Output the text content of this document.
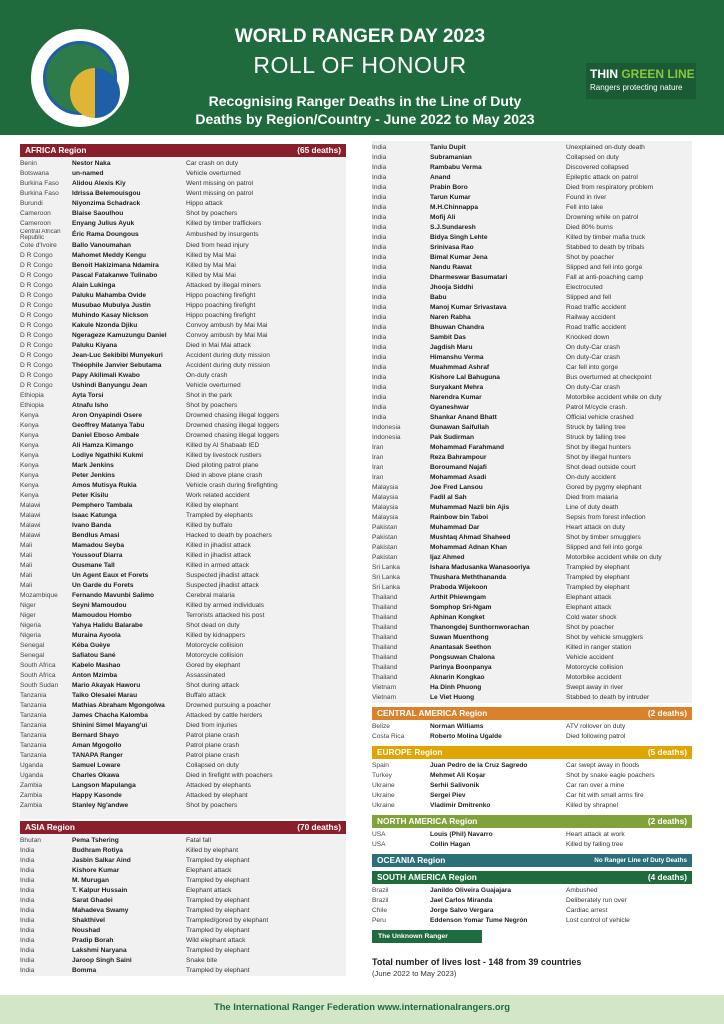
WORLD RANGER DAY 2023
ROLL OF HONOUR
Recognising Ranger Deaths in the Line of Duty
Deaths by Region/Country - June 2022 to May 2023
THIN GREEN LINE
Rangers protecting nature
AFRICA Region	(65 deaths)
Benin	Nestor Naka	Car crash on duty
Botswana	un-named	Vehicle overturned
Burkina Faso	Alidou Alexis Kiy	Went missing on patrol
Burkina Faso	Idrissa Belemouisgou	Went missing on patrol
Burundi	Niyonzima Schadrack	Hippo attack
Cameroon	Blaise Saoulhou	Shot by poachers
Cameroon	Enyang Julius Ayuk	Killed by timber traffickers
Central African Republic	Éric Rama Doungous	Ambushed by insurgents
Cote d'Ivoire	Ballo Vanoumahan	Died from head injury
D R Congo	Mahomet Meddy Kengu	Killed by Mai Mai
D R Congo	Benoit Hakizimana Ndamira	Killed by Mai Mai
D R Congo	Pascal Fatakanwe Tulinabo	Killed by Mai Mai
D R Congo	Alain Lukinga	Attacked by illegal miners
D R Congo	Paluku Mahamba Ovide	Hippo poaching firefight
D R Congo	Musubao Mubulya Justin	Hippo poaching firefight
D R Congo	Muhindo Kasay Nickson	Hippo poaching firefight
D R Congo	Kakule Nzonda Djiku	Convoy ambush by Mai Mai
D R Congo	Ngerageze Kamuzungu Daniel	Convoy ambush by Mai Mai
D R Congo	Paluku Kiyana	Died in Mai Mai attack
D R Congo	Jean-Luc Sekibibi Munyekuri	Accident during duty mission
D R Congo	Théophile Janvier Sebutama	Accident during duty mission
D R Congo	Papy Akilimali Kwabo	On-duty crash
D R Congo	Ushindi Banyungu Jean	Vehicle overturned
Ethiopia	Ayta Torsi	Shot in the park
Ethiopia	Atnafu Isho	Shot by poachers
Kenya	Aron Onyapindi Osere	Drowned chasing illegal loggers
Kenya	Geoffrey Matanya Tabu	Drowned chasing illegal loggers
Kenya	Daniel Eboso Ambale	Drowned chasing illegal loggers
Kenya	Ali Hamza Kimango	Killed by Al Shabaab IED
Kenya	Lodiye Ngathiki Kukmi	Killed by livestock rustlers
Kenya	Mark Jenkins	Died piloting patrol plane
Kenya	Peter Jenkins	Died in above plane crash
Kenya	Amos Mutisya Rukia	Vehicle crash during firefighting
Kenya	Peter Kisilu	Work related accident
Malawi	Pemphero Tambala	Killed by elephant
Malawi	Isaac Katunga	Trampled by elephants
Malawi	Ivano Banda	Killed by buffalo
Malawi	Bendlus Amasi	Hacked to death by poachers
Mali	Mamadou Seyba	Killed in jihadist attack
Mali	Youssouf Diarra	Killed in jihadist attack
Mali	Ousmane Tall	Killed in armed attack
Mali	Un Agent Eaux et Forets	Suspected jihadist attack
Mali	Un Garde du Forets	Suspected jihadist attack
Mozambique	Fernando Mavunbi Salimo	Cerebral malaria
Niger	Seyni Mamoudou	Killed by armed individuals
Niger	Mamoudou Hombo	Terrorists attacked his post
Nigeria	Yahya Halidu Balarabe	Shot dead on duty
Nigeria	Muraina Ayoola	Killed by kidnappers
Senegal	Kéba Guèye	Motorcycle collision
Senegal	Safiatou Sané	Motorcycle collision
South Africa	Kabelo Mashao	Gored by elephant
South Africa	Anton Mzimba	Assassinated
South Sudan	Mario Akayak Haworu	Shot during attack
Tanzania	Taiko Olesalei Marau	Buffalo attack
Tanzania	Mathias Abraham Mgongolwa	Drowned pursuing a poacher
Tanzania	James Chacha Kalomba	Attacked by cattle herders
Tanzania	Shinini Simel Mayang'ui	Died from injuries
Tanzania	Bernard Shayo	Patrol plane crash
Tanzania	Aman Mgogollo	Patrol plane crash
Tanzania	TANAPA Ranger	Patrol plane crash
Uganda	Samuel Loware	Collapsed on duty
Uganda	Charles Okawa	Died in firefight with poachers
Zambia	Langson Mapulanga	Attacked by elephants
Zambia	Happy Kasonde	Attacked by elephant
Zambia	Stanley Ng'andwe	Shot by poachers
ASIA Region	(70 deaths)
Bhutan	Pema Tshering	Fatal fall
India	Budhram Rotiya	Killed by elephant
India	Jasbin Salkar Aind	Trampled by elephant
India	Kishore Kumar	Elephant attack
India	M. Murugan	Trampled by elephant
India	T. Kalpur Hussain	Elephant attack
India	Sarat Ghadei	Trampled by elephant
India	Mahadeva Swamy	Trampled by elephant
India	Shakthivel	Trampled/gored by elephant
India	Noushad	Trampled by elephant
India	Pradip Borah	Wild elephant attack
India	Lakshmi Naryana	Trampled by elephant
India	Jaroop Singh Saini	Snake bite
India	Bomma	Trampled by elephant
India	Taniu Dupit	Unexplained on-duty death
India	Subramanian	Collapsed on duty
India	Rambabu Verma	Discovered collapsed
India	Anand	Epileptic attack on patrol
India	Prabin Boro	Died from respiratory problem
India	Tarun Kumar	Found in river
India	M.H.Chinnappa	Fell into lake
India	Mofij Ali	Drowning while on patrol
India	S.J.Sundaresh	Died 80% burns
India	Bidya Singh Lehte	Killed by timber mafia truck
India	Srinivasa Rao	Stabbed to death by tribals
India	Bimal Kumar Jena	Shot by poacher
India	Nandu Rawat	Slipped and fell into gorge
India	Dharmeswar Basumatari	Fall at anti-poaching camp
India	Jhooja Siddhi	Electrocuted
India	Babu	Slipped and fell
India	Manoj Kumar Srivastava	Road traffic accident
India	Naren Rabha	Railway accident
India	Bhuwan Chandra	Road traffic accident
India	Sambit Das	Knocked down
India	Jagdish Maru	On duty-Car crash
India	Himanshu Verma	On duty-Car crash
India	Muahmmad Ashraf	Car fell into gorge
India	Kishore Lal Bahuguna	Bus overturned at checkpoint
India	Suryakant Mehra	On duty-Car crash
India	Narendra Kumar	Motorbike accident while on duty
India	Gyaneshwar	Patrol M/cycle crash.
India	Shankar Anand Bhatt	Official vehicle crashed
Indonesia	Gunawan Saifullah	Struck by falling tree
Indonesia	Pak Sudirman	Struck by falling tree
Iran	Mohammad Farahmand	Shot by illegal hunters
Iran	Reza Bahrampour	Shot by illegal hunters
Iran	Boroumand Najafi	Shot dead outside court
Iran	Mohammad Asadi	On-duty accident
Malaysia	Joe Fred Lansou	Gored by pygmy elephant
Malaysia	Fadil al Sah	Died from malaria
Malaysia	Muhammad Nazli bin Ajis	Line of duty death
Malaysia	Rainbow bin Taboi	Sepsis from forest infection
Pakistan	Muhammad Dar	Heart attack on duty
Pakistan	Mushtaq Ahmad Shaheed	Shot by timber smugglers
Pakistan	Mohammad Adnan Khan	Slipped and fell into gorge
Pakistan	Ijaz Ahmed	Motorbike accident while on duty
Sri Lanka	Ishara Madusanka Wanasooriya	Trampled by elephant
Sri Lanka	Thushara Meththananda	Trampled by elephant
Sri Lanka	Praboda Wijekoon	Trampled by elephant
Thailand	Arthit Phiewngam	Elephant attack
Thailand	Somphop Sri-Ngam	Elephant attack
Thailand	Aphinan Kongket	Cold water shock
Thailand	Thanongdej Sunthornworachan	Shot by poacher
Thailand	Suwan Muenthong	Shot by vehicle smugglers
Thailand	Anantasak Seethon	Killed in ranger station
Thailand	Pongsuwan Chalona	Vehicle accident
Thailand	Parinya Boonpanya	Motorcycle collision
Thailand	Aknarin Kongkao	Motorbike accident
Vietnam	Ha Dinh Phuong	Swept away in river
Vietnam	Le Viet Huong	Stabbed to death by intruder
CENTRAL AMERICA Region	(2 deaths)
Belize	Norman Williams	ATV rollover on duty
Costa Rica	Roberto Molina Ugalde	Died following patrol
EUROPE Region	(5 deaths)
Spain	Juan Pedro de la Cruz Sagredo	Car swept away in floods
Turkey	Mehmet Ali Koşar	Shot by snake eagle poachers
Ukraine	Serhii Salivonik	Car ran over a mine
Ukraine	Sergei Piev	Car hit with small arms fire
Ukraine	Vladimir Dmitrenko	Killed by shrapnel
NORTH AMERICA Region	(2 deaths)
USA	Louis (Phil) Navarro	Heart attack at work
USA	Collin Hagan	Killed by falling tree
OCEANIA Region	No Ranger Line of Duty Deaths
SOUTH AMERICA Region	(4 deaths)
Brazil	Janildo Oliveira Guajajara	Ambushed
Brazil	Jael Carlos Miranda	Deliberately run over
Chile	Jorge Salvo Vergara	Cardiac arrest
Peru	Eddenson Yomar Tume Negrón	Lost control of vehicle
The Unknown Ranger
Total number of lives lost - 148 from 39 countries
(June 2022 to May 2023)
The International Ranger Federation www.internationalrangers.org
